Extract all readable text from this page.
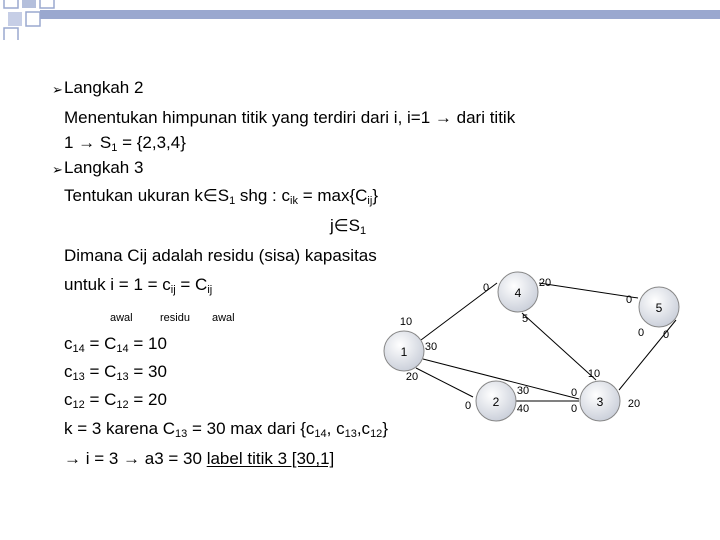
➢ Langkah 2
Menentukan himpunan titik yang terdiri dari i, i=1 → dari titik
$1 \to S_1 = \{2,3,4\}$
➢ Langkah 3
Tentukan ukuran $k\in S_1$ shg : $c_{ik} = \max\{C_{ij}\}$
$j\in S_1$
Dimana Cij adalah residu (sisa) kapasitas
untuk $i = 1 = c_{ij} = C_{ij}$
awal residu awal
$c_{14} = C_{14} = 10$
$c_{13} = C_{13} = 30$
$c_{12} = C_{12} = 20$
k = 3 karena $C_{13} = 30$ max dari {$c_{14}$, $c_{13},c_{12}$}
→ i = 3 → a3 = 30 label titik 3 [30,1]
1
2	3
4
5
0	20
5
0
0 0
10
30
20	10
0
0	20
0
30
40
